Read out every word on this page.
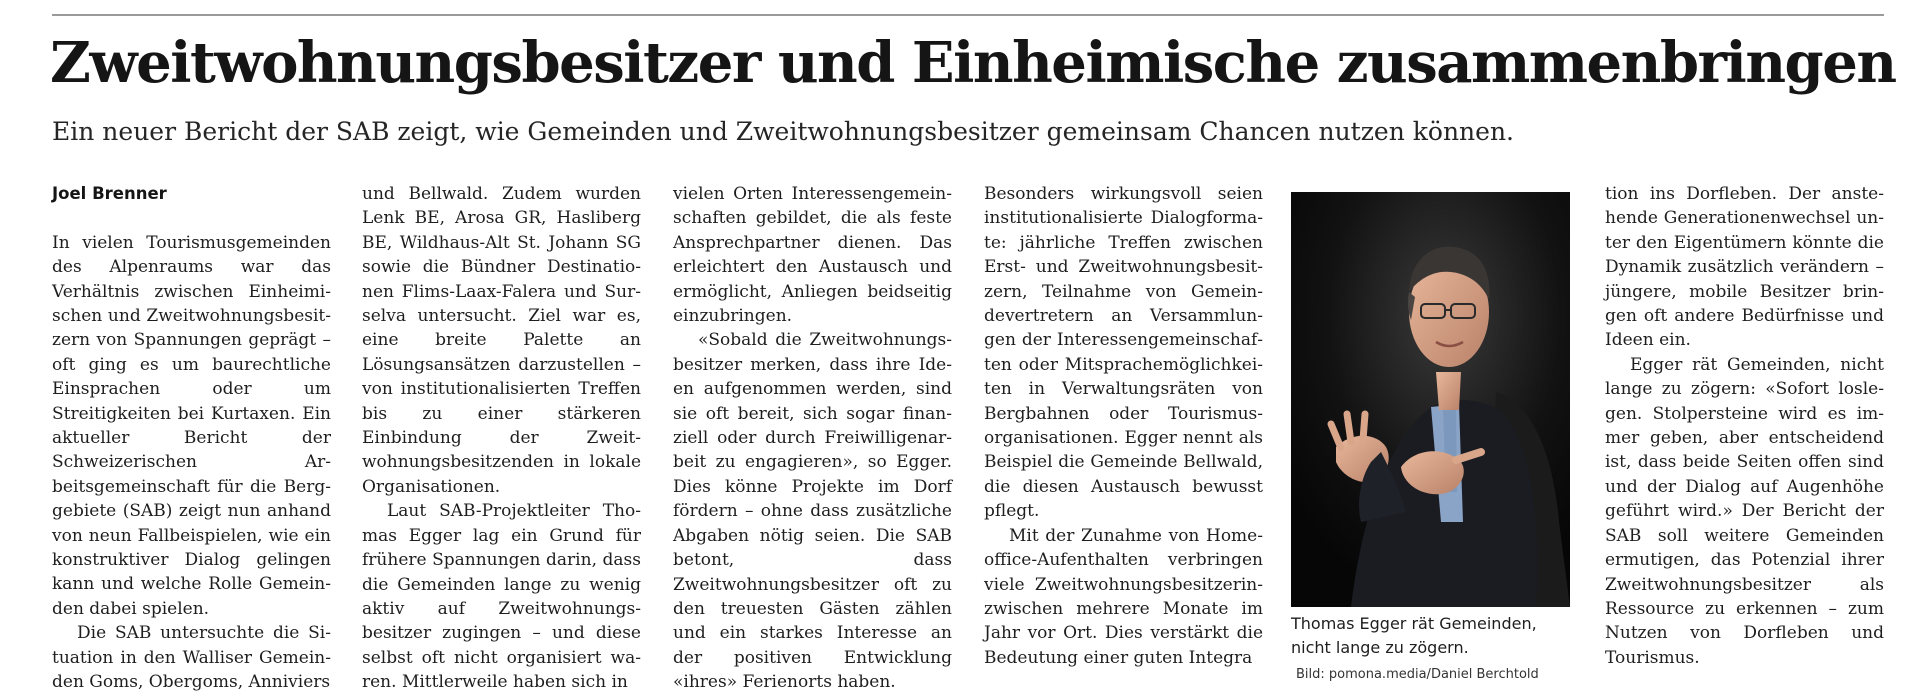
Zweitwohnungsbesitzer und Einheimische zusammenbringen

Ein neuer Bericht der SAB zeigt, wie Gemeinden und Zweitwohnungsbesitzer gemeinsam Chancen nutzen können.

Joel Brenner

In vielen Tourismusgemeinden des Alpenraums war das Verhältnis zwischen Einheimischen und Zweitwohnungsbesitzern von Spannungen geprägt – oft ging es um baurechtliche Einsprachen oder um Streitigkeiten bei Kurtaxen. Ein aktueller Bericht der Schweizerischen Arbeitsgemeinschaft für die Berggebiete (SAB) zeigt nun anhand von neun Fallbeispielen, wie ein konstruktiver Dialog gelingen kann und welche Rolle Gemeinden dabei spielen.

Die SAB untersuchte die Situation in den Walliser Gemeinden Goms, Obergoms, Anniviers

und Bellwald. Zudem wurden Lenk BE, Arosa GR, Hasliberg BE, Wildhaus-Alt St. Johann SG sowie die Bündner Destinationen Flims-Laax-Falera und Surselva untersucht. Ziel war es, eine breite Palette an Lösungsansätzen darzustellen – von institutionalisierten Treffen bis zu einer stärkeren Einbindung der Zweitwohnungsbesitzenden in lokale Organisationen.

Laut SAB-Projektleiter Thomas Egger lag ein Grund für frühere Spannungen darin, dass die Gemeinden lange zu wenig aktiv auf Zweitwohnungsbesitzer zugingen – und diese selbst oft nicht organisiert waren. Mittlerweile haben sich in

vielen Orten Interessengemeinschaften gebildet, die als feste Ansprechpartner dienen. Das erleichtert den Austausch und ermöglicht, Anliegen beidseitig einzubringen.

«Sobald die Zweitwohnungsbesitzer merken, dass ihre Ideen aufgenommen werden, sind sie oft bereit, sich sogar finanziell oder durch Freiwilligenarbeit zu engagieren», so Egger. Dies könne Projekte im Dorf fördern – ohne dass zusätzliche Abgaben nötig seien. Die SAB betont, dass Zweitwohnungsbesitzer oft zu den treuesten Gästen zählen und ein starkes Interesse an der positiven Entwicklung «ihres» Ferienorts haben.

Besonders wirkungsvoll seien institutionalisierte Dialogformate: jährliche Treffen zwischen Erst- und Zweitwohnungsbesitzern, Teilnahme von Gemeindevertretern an Versammlungen der Interessengemeinschaften oder Mitsprachemöglichkeiten in Verwaltungsräten von Bergbahnen oder Tourismusorganisationen. Egger nennt als Beispiel die Gemeinde Bellwald, die diesen Austausch bewusst pflegt.

Mit der Zunahme von Homeoffice-Aufenthalten verbringen viele Zweitwohnungsbesitzerinzwischen mehrere Monate im Jahr vor Ort. Dies verstärkt die Bedeutung einer guten Integra

Thomas Egger rät Gemeinden, nicht lange zu zögern.
Bild: pomona.media/Daniel Berchtold

tion ins Dorfleben. Der anstehende Generationenwechsel unter den Eigentümern könnte die Dynamik zusätzlich verändern – jüngere, mobile Besitzer bringen oft andere Bedürfnisse und Ideen ein.

Egger rät Gemeinden, nicht lange zu zögern: «Sofort loslegen. Stolpersteine wird es immer geben, aber entscheidend ist, dass beide Seiten offen sind und der Dialog auf Augenhöhe geführt wird.» Der Bericht der SAB soll weitere Gemeinden ermutigen, das Potenzial ihrer Zweitwohnungsbesitzer als Ressource zu erkennen – zum Nutzen von Dorfleben und Tourismus.
